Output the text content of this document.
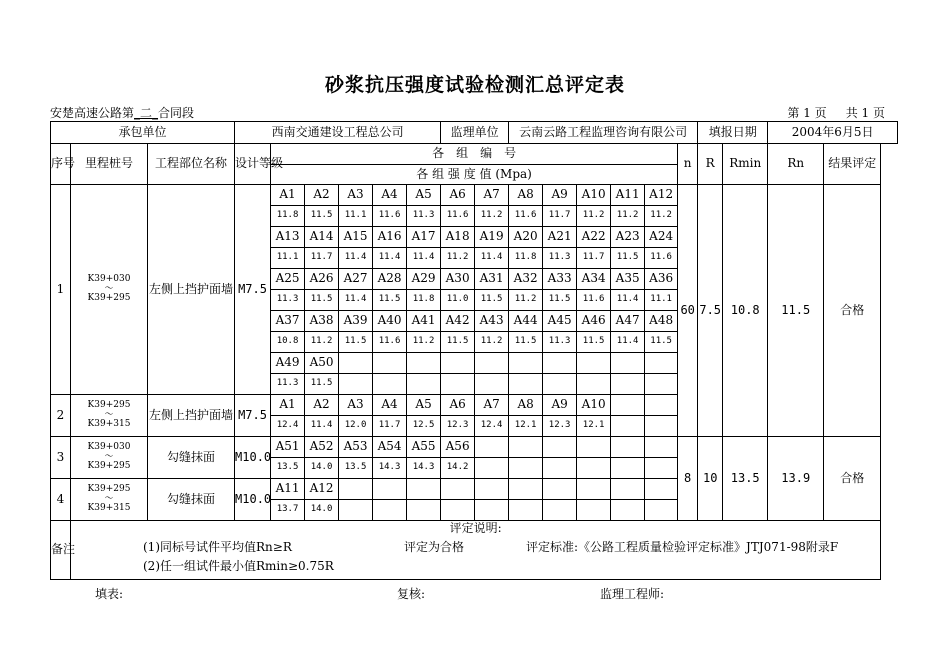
砂浆抗压强度试验检测汇总评定表
安楚高速公路第_二_合同段	第 1 页 共 1 页
承包单位			西南交通建设工程总公司						监理单位		云南云路工程监理咨询有限公司						填报日期		2004年6月5日	
序号	里程桩号	工程部位名称	设计等级	各　组　编　号												n	R	Rmin	Rn	结果评定
				各 组 强 度 值 (Mpa)																
1	K39+030
～
K39+295	左侧上挡护面墙	M7.5	A1	A2	A3	A4	A5	A6	A7	A8	A9	A10	A11	A12	60	7.5	10.8	11.5	合格
				11.8	11.5	11.1	11.6	11.3	11.6	11.2	11.6	11.7	11.2	11.2	11.2					
				A13	A14	A15	A16	A17	A18	A19	A20	A21	A22	A23	A24					
				11.1	11.7	11.4	11.4	11.4	11.2	11.4	11.8	11.3	11.7	11.5	11.6					
				A25	A26	A27	A28	A29	A30	A31	A32	A33	A34	A35	A36					
				11.3	11.5	11.4	11.5	11.8	11.0	11.5	11.2	11.5	11.6	11.4	11.1					
				A37	A38	A39	A40	A41	A42	A43	A44	A45	A46	A47	A48					
				10.8	11.2	11.5	11.6	11.2	11.5	11.2	11.5	11.3	11.5	11.4	11.5					
				A49	A50															
				11.3	11.5															
2	K39+295
～
K39+315	左侧上挡护面墙	M7.5	A1	A2	A3	A4	A5	A6	A7	A8	A9	A10							
				12.4	11.4	12.0	11.7	12.5	12.3	12.4	12.1	12.3	12.1							
3	K39+030
～
K39+295	勾缝抹面	M10.0	A51	A52	A53	A54	A55	A56							8	10	13.5	13.9	合格
				13.5	14.0	13.5	14.3	14.3	14.2											
4	K39+295
～
K39+315	勾缝抹面	M10.0	A11	A12															
				13.7	14.0															
备注	评定说明:
(1)同标号试件平均值Rn≥R 评定为合格 评定标准:《公路工程质量检验评定标准》JTJ071-98附录F
(2)任一组试件最小值Rmin≥0.75R																			
填表:	复核:	监理工程师:
